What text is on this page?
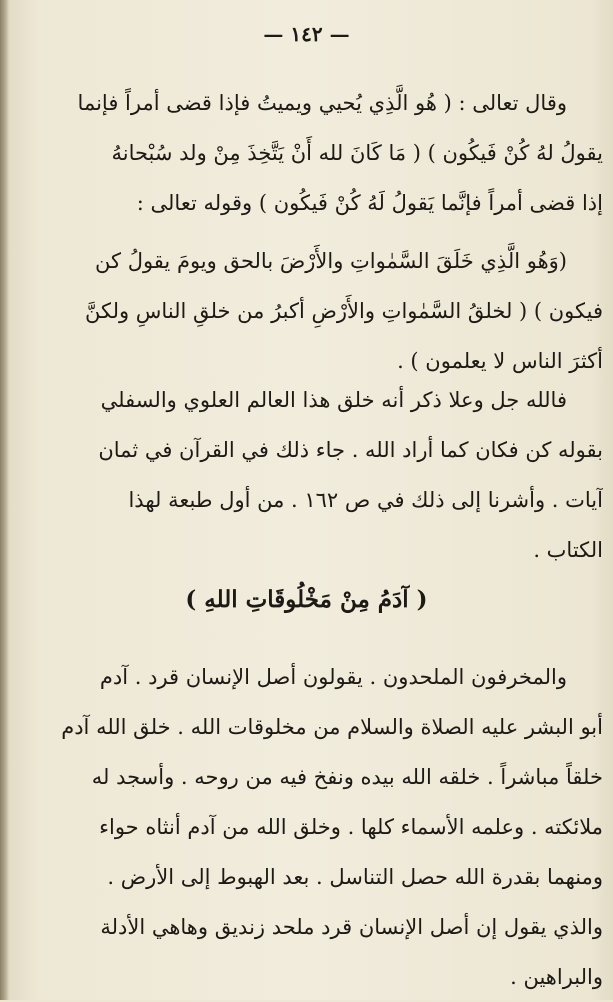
— ١٤٢ —
وقال تعالى : ( هُو الَّذِي يُحيي ويميتُ فإذا قضى أمراً فإنما
يقولُ لهُ كُنْ فَيكُون ) ( مَا كَانَ لله أَنْ يَتَّخِذَ مِنْ ولد سُبْحانهُ
إذا قضى أمراً فإنَّما يَقولُ لَهُ كُنْ فَيكُون ) وقوله تعالى :
(وَهُو الَّذِي خَلَقَ السَّمٰواتِ والأَرْضَ بالحق ويومَ يقولُ كن
فيكون ) ( لخلقُ السَّمٰواتِ والأَرْضِ أكبرُ من خلقِ الناسِ ولكنَّ
أكثرَ الناس لا يعلمون ) .
فالله جل وعلا ذكر أنه خلق هذا العالم العلوي والسفلي
بقوله كن فكان كما أراد الله . جاء ذلك في القرآن في ثمان
آيات . وأشرنا إلى ذلك في ص ١٦٢ . من أول طبعة لهذا
الكتاب .
( آدَمُ مِنْ مَخْلُوقَاتِ اللهِ )
والمخرفون الملحدون . يقولون أصل الإنسان قرد . آدم
أبو البشر عليه الصلاة والسلام من مخلوقات الله . خلق الله آدم
خلقاً مباشراً . خلقه الله بيده ونفخ فيه من روحه . وأسجد له
ملائكته . وعلمه الأسماء كلها . وخلق الله من آدم أنثاه حواء
ومنهما بقدرة الله حصل التناسل . بعد الهبوط إلى الأرض .
والذي يقول إن أصل الإنسان قرد ملحد زنديق وهاهي الأدلة
والبراهين .
